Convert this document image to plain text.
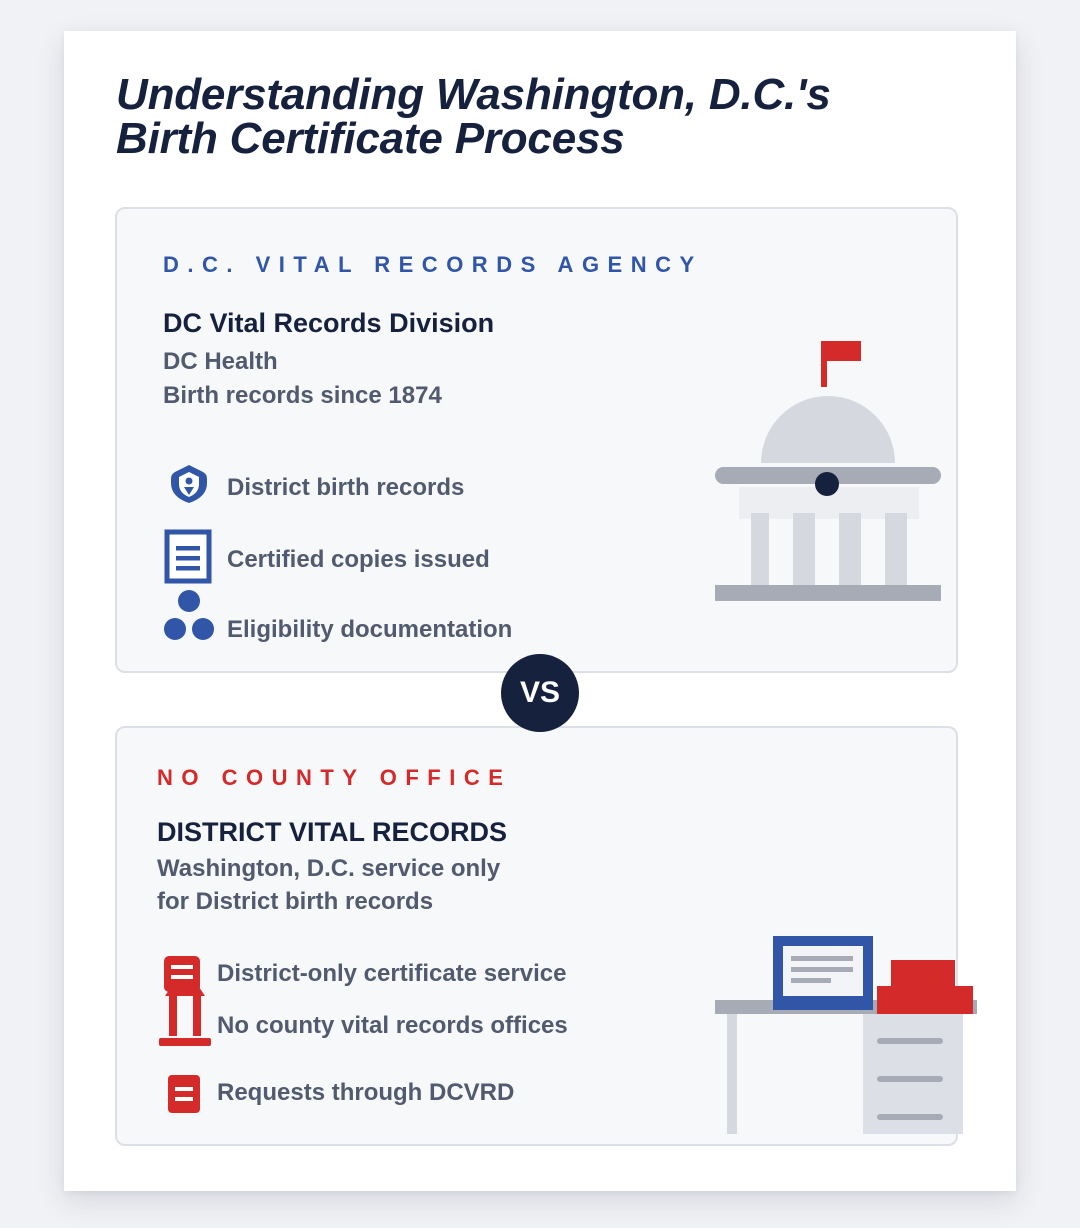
Understanding Washington, D.C.'s
Birth Certificate Process
D.C. VITAL RECORDS AGENCY
DC Vital Records Division
DC Health
Birth records since 1874
District birth records
Certified copies issued
Eligibility documentation
VS
NO COUNTY OFFICE
DISTRICT VITAL RECORDS
Washington, D.C. service only
for District birth records
District-only certificate service
No county vital records offices
Requests through DCVRD
